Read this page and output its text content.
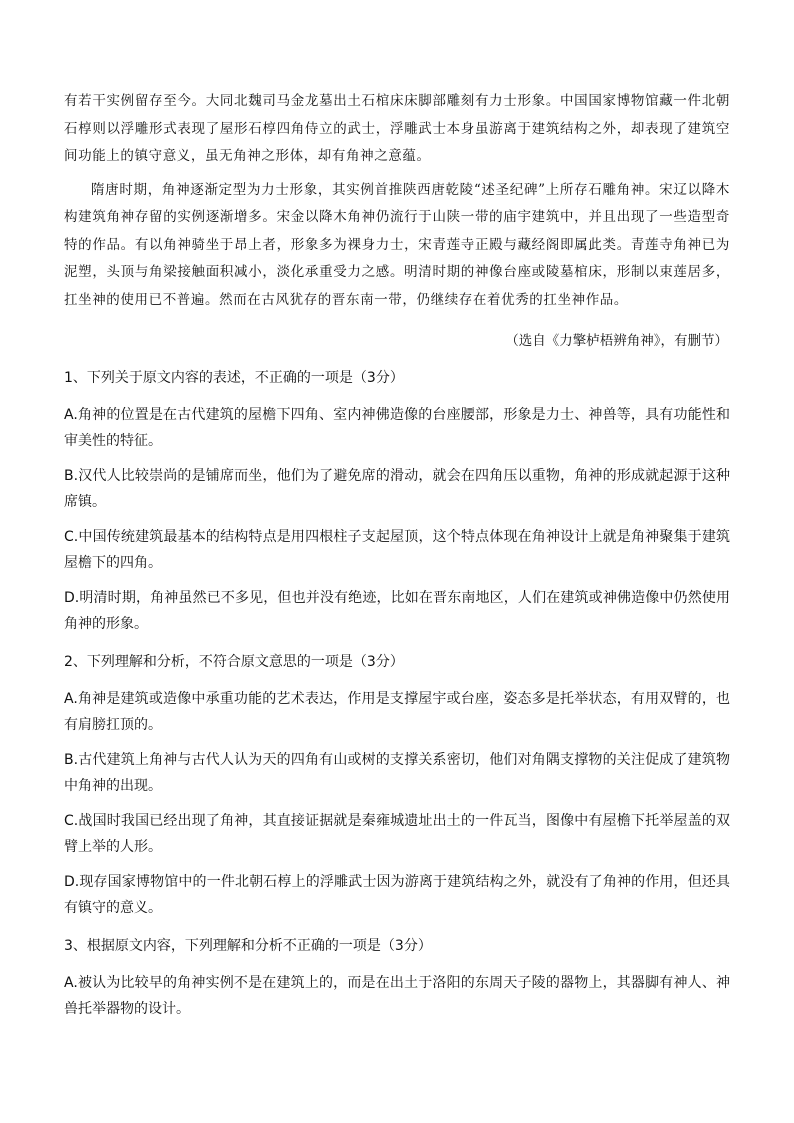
有若干实例留存至今。大同北魏司马金龙墓出土石棺床床脚部雕刻有力士形象。中国国家博物馆藏一件北朝石椁则以浮雕形式表现了屋形石椁四角侍立的武士，浮雕武士本身虽游离于建筑结构之外，却表现了建筑空间功能上的镇守意义，虽无角神之形体，却有角神之意蕴。

隋唐时期，角神逐渐定型为力士形象，其实例首推陕西唐乾陵“述圣纪碑”上所存石雕角神。宋辽以降木构建筑角神存留的实例逐渐增多。宋金以降木角神仍流行于山陕一带的庙宇建筑中，并且出现了一些造型奇特的作品。有以角神骑坐于昂上者，形象多为裸身力士，宋青莲寺正殿与藏经阁即属此类。青莲寺角神已为泥塑，头顶与角梁接触面积减小，淡化承重受力之感。明清时期的神像台座或陵墓棺床，形制以束莲居多，扛坐神的使用已不普遍。然而在古风犹存的晋东南一带，仍继续存在着优秀的扛坐神作品。

（选自《力擎栌梧辨角神》，有删节）

1、下列关于原文内容的表述，不正确的一项是（3分）

A.角神的位置是在古代建筑的屋檐下四角、室内神佛造像的台座腰部，形象是力士、神兽等，具有功能性和审美性的特征。

B.汉代人比较崇尚的是铺席而坐，他们为了避免席的滑动，就会在四角压以重物，角神的形成就起源于这种席镇。

C.中国传统建筑最基本的结构特点是用四根柱子支起屋顶，这个特点体现在角神设计上就是角神聚集于建筑屋檐下的四角。

D.明清时期，角神虽然已不多见，但也并没有绝迹，比如在晋东南地区，人们在建筑或神佛造像中仍然使用角神的形象。

2、下列理解和分析，不符合原文意思的一项是（3分）

A.角神是建筑或造像中承重功能的艺术表达，作用是支撑屋宇或台座，姿态多是托举状态，有用双臂的，也有肩膀扛顶的。

B.古代建筑上角神与古代人认为天的四角有山或树的支撑关系密切，他们对角隅支撑物的关注促成了建筑物中角神的出现。

C.战国时我国已经出现了角神，其直接证据就是秦雍城遗址出土的一件瓦当，图像中有屋檐下托举屋盖的双臂上举的人形。

D.现存国家博物馆中的一件北朝石椁上的浮雕武士因为游离于建筑结构之外，就没有了角神的作用，但还具有镇守的意义。

3、根据原文内容，下列理解和分析不正确的一项是（3分）

A.被认为比较早的角神实例不是在建筑上的，而是在出土于洛阳的东周天子陵的器物上，其器脚有神人、神兽托举器物的设计。
